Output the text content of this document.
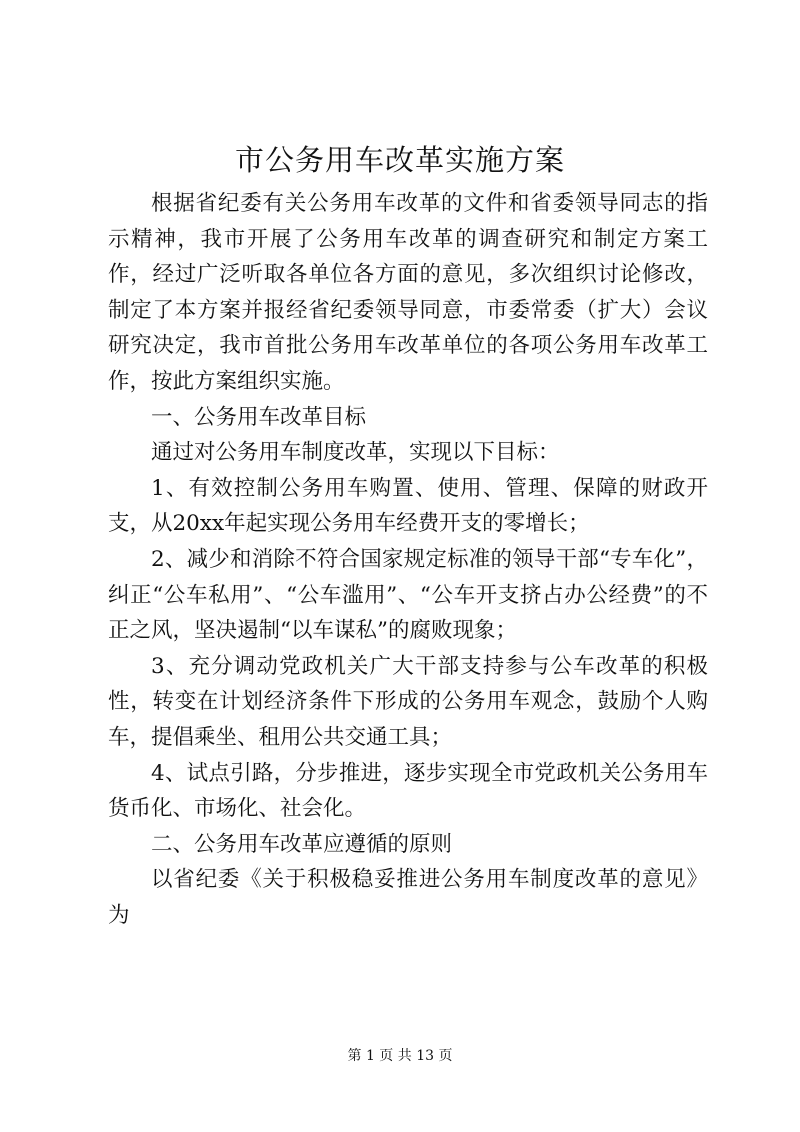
市公务用车改革实施方案

根据省纪委有关公务用车改革的文件和省委领导同志的指示精神，我市开展了公务用车改革的调查研究和制定方案工作，经过广泛听取各单位各方面的意见，多次组织讨论修改，制定了本方案并报经省纪委领导同意，市委常委（扩大）会议研究决定，我市首批公务用车改革单位的各项公务用车改革工作，按此方案组织实施。

一、公务用车改革目标

通过对公务用车制度改革，实现以下目标：

1、有效控制公务用车购置、使用、管理、保障的财政开支，从20xx年起实现公务用车经费开支的零增长；

2、减少和消除不符合国家规定标准的领导干部“专车化”，纠正“公车私用”、“公车滥用”、“公车开支挤占办公经费”的不正之风，坚决遏制“以车谋私”的腐败现象；

3、充分调动党政机关广大干部支持参与公车改革的积极性，转变在计划经济条件下形成的公务用车观念，鼓励个人购车，提倡乘坐、租用公共交通工具；

4、试点引路，分步推进，逐步实现全市党政机关公务用车货币化、市场化、社会化。

二、公务用车改革应遵循的原则

以省纪委《关于积极稳妥推进公务用车制度改革的意见》为

第 1 页 共 13 页
